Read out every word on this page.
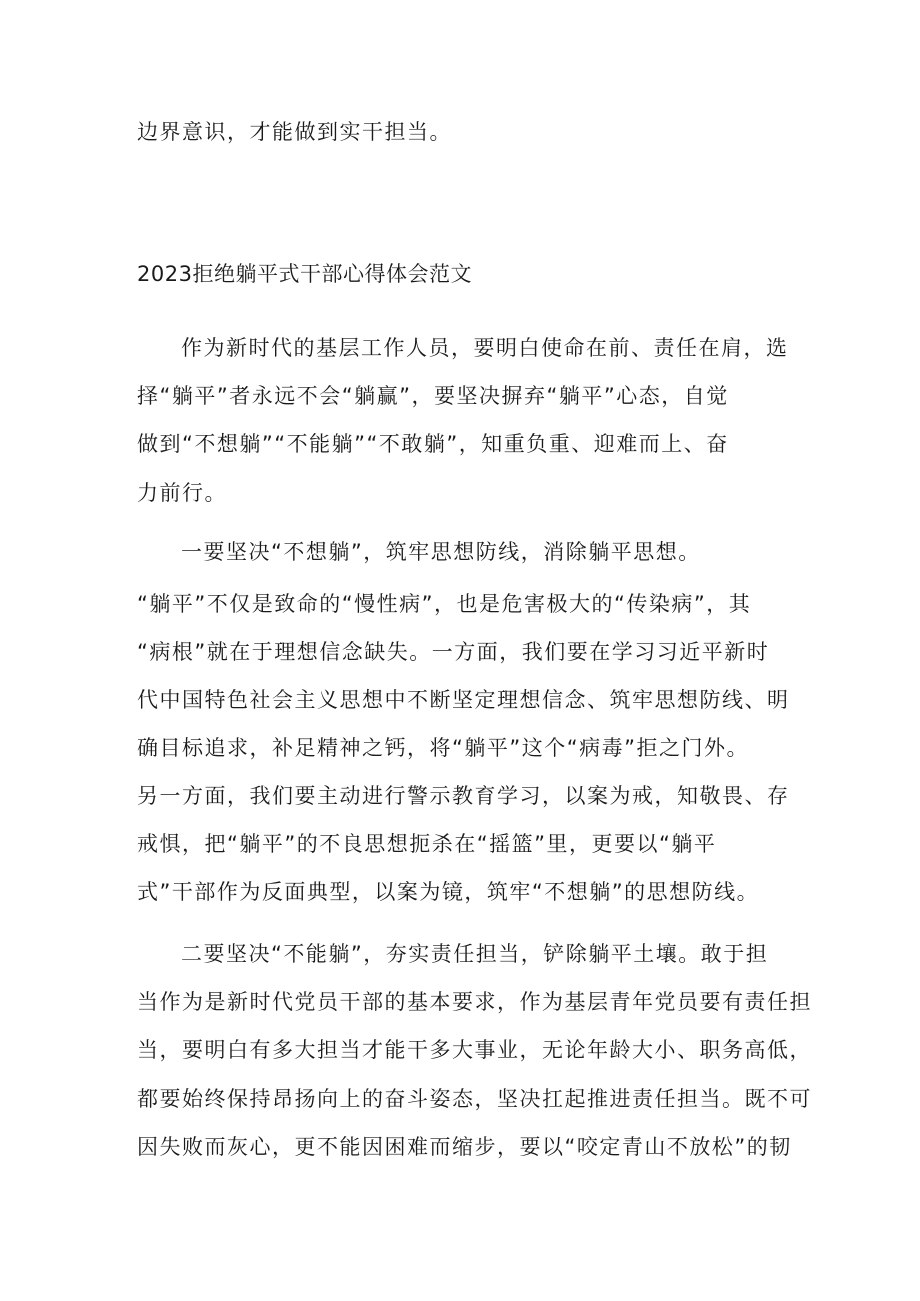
边界意识，才能做到实干担当。
2023拒绝躺平式干部心得体会范文
作为新时代的基层工作人员，要明白使命在前、责任在肩，选
择“躺平”者永远不会“躺赢”，要坚决摒弃“躺平”心态，自觉
做到“不想躺”“不能躺”“不敢躺”，知重负重、迎难而上、奋
力前行。
一要坚决“不想躺”，筑牢思想防线，消除躺平思想。
“躺平”不仅是致命的“慢性病”，也是危害极大的“传染病”，其
“病根”就在于理想信念缺失。一方面，我们要在学习习近平新时
代中国特色社会主义思想中不断坚定理想信念、筑牢思想防线、明
确目标追求，补足精神之钙，将“躺平”这个“病毒”拒之门外。
另一方面，我们要主动进行警示教育学习，以案为戒，知敬畏、存
戒惧，把“躺平”的不良思想扼杀在“摇篮”里，更要以“躺平
式”干部作为反面典型，以案为镜，筑牢“不想躺”的思想防线。
二要坚决“不能躺”，夯实责任担当，铲除躺平土壤。敢于担
当作为是新时代党员干部的基本要求，作为基层青年党员要有责任担
当，要明白有多大担当才能干多大事业，无论年龄大小、职务高低，
都要始终保持昂扬向上的奋斗姿态，坚决扛起推进责任担当。既不可
因失败而灰心，更不能因困难而缩步，要以“咬定青山不放松”的韧
